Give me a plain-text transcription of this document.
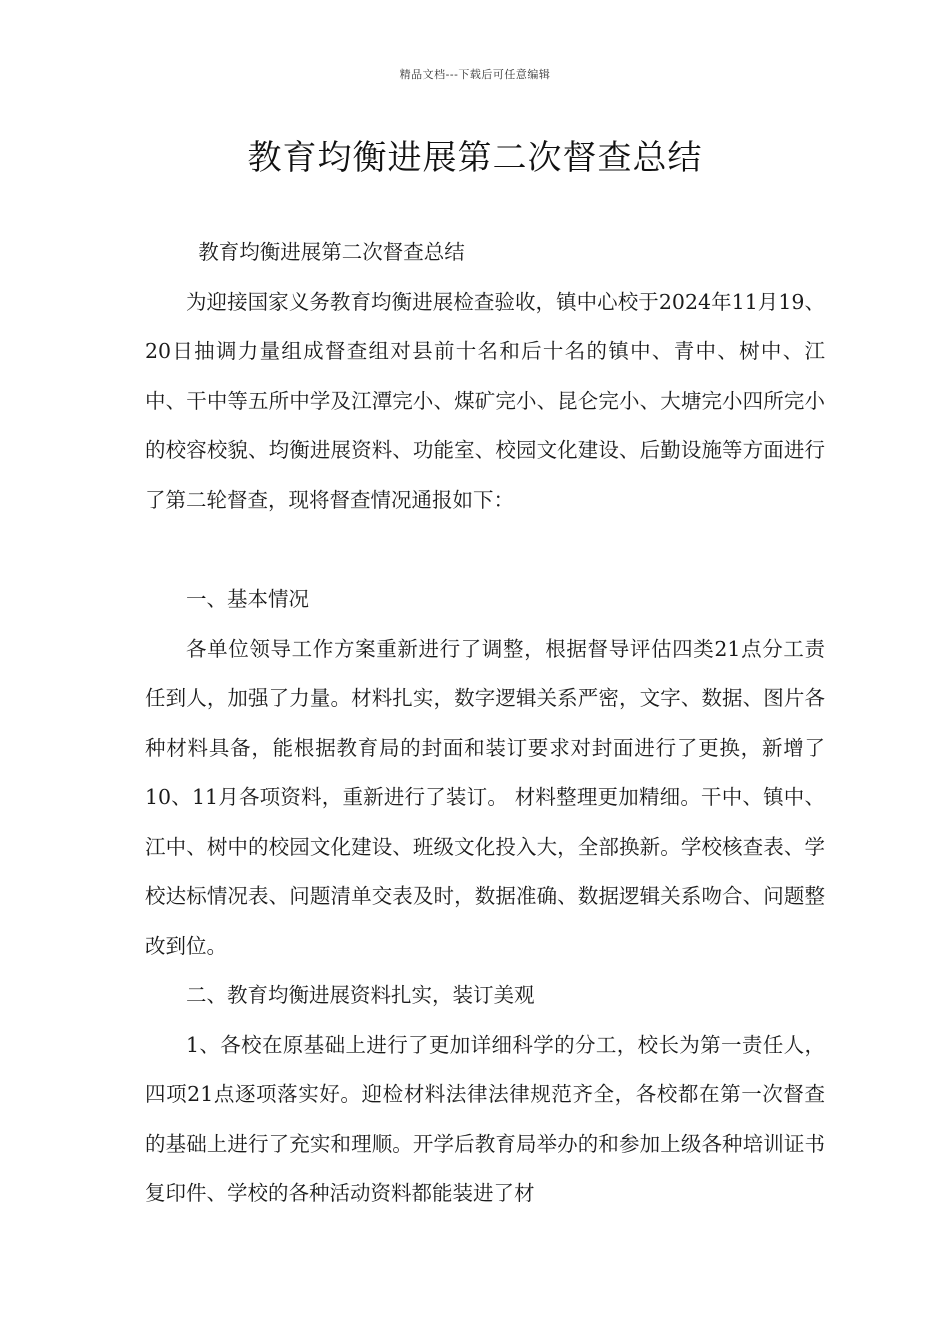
精品文档---下载后可任意编辑
教育均衡进展第二次督查总结

教育均衡进展第二次督查总结

为迎接国家义务教育均衡进展检查验收，镇中心校于2024年11月19、20日抽调力量组成督查组对县前十名和后十名的镇中、青中、树中、江中、干中等五所中学及江潭完小、煤矿完小、昆仑完小、大塘完小四所完小的校容校貌、均衡进展资料、功能室、校园文化建设、后勤设施等方面进行了第二轮督查，现将督查情况通报如下：

一、基本情况

各单位领导工作方案重新进行了调整，根据督导评估四类21点分工责任到人，加强了力量。材料扎实，数字逻辑关系严密，文字、数据、图片各种材料具备，能根据教育局的封面和装订要求对封面进行了更换，新增了10、11月各项资料，重新进行了装订。 材料整理更加精细。干中、镇中、江中、树中的校园文化建设、班级文化投入大，全部换新。学校核查表、学校达标情况表、问题清单交表及时，数据准确、数据逻辑关系吻合、问题整改到位。

二、教育均衡进展资料扎实，装订美观

1、各校在原基础上进行了更加详细科学的分工，校长为第一责任人，四项21点逐项落实好。迎检材料法律法律规范齐全，各校都在第一次督查的基础上进行了充实和理顺。开学后教育局举办的和参加上级各种培训证书复印件、学校的各种活动资料都能装进了材
